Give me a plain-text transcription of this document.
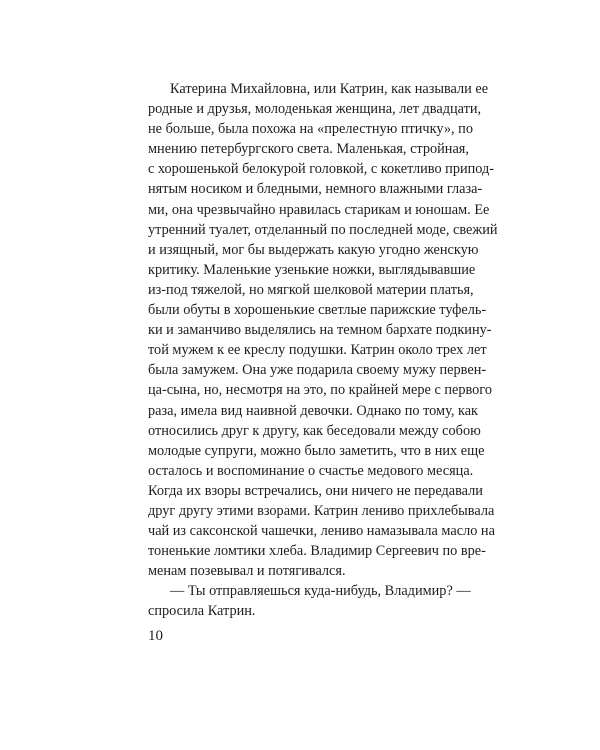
Катерина Михайловна, или Катрин, как называли ее
родные и друзья, молоденькая женщина, лет двадцати,
не больше, была похожа на «прелестную птичку», по
мнению петербургского света. Маленькая, стройная,
с хорошенькой белокурой головкой, с кокетливо припод-
нятым носиком и бледными, немного влажными глаза-
ми, она чрезвычайно нравилась старикам и юношам. Ее
утренний туалет, отделанный по последней моде, свежий
и изящный, мог бы выдержать какую угодно женскую
критику. Маленькие узенькие ножки, выглядывавшие
из-под тяжелой, но мягкой шелковой материи платья,
были обуты в хорошенькие светлые парижские туфель-
ки и заманчиво выделялись на темном бархате подкину-
той мужем к ее креслу подушки. Катрин около трех лет
была замужем. Она уже подарила своему мужу первен-
ца-сына, но, несмотря на это, по крайней мере с первого
раза, имела вид наивной девочки. Однако по тому, как
относились друг к другу, как беседовали между собою
молодые супруги, можно было заметить, что в них еще
осталось и воспоминание о счастье медового месяца.
Когда их взоры встречались, они ничего не передавали
друг другу этими взорами. Катрин лениво прихлебывала
чай из саксонской чашечки, лениво намазывала масло на
тоненькие ломтики хлеба. Владимир Сергеевич по вре-
менам позевывал и потягивался.
— Ты отправляешься куда-нибудь, Владимир? —
спросила Катрин.
10
